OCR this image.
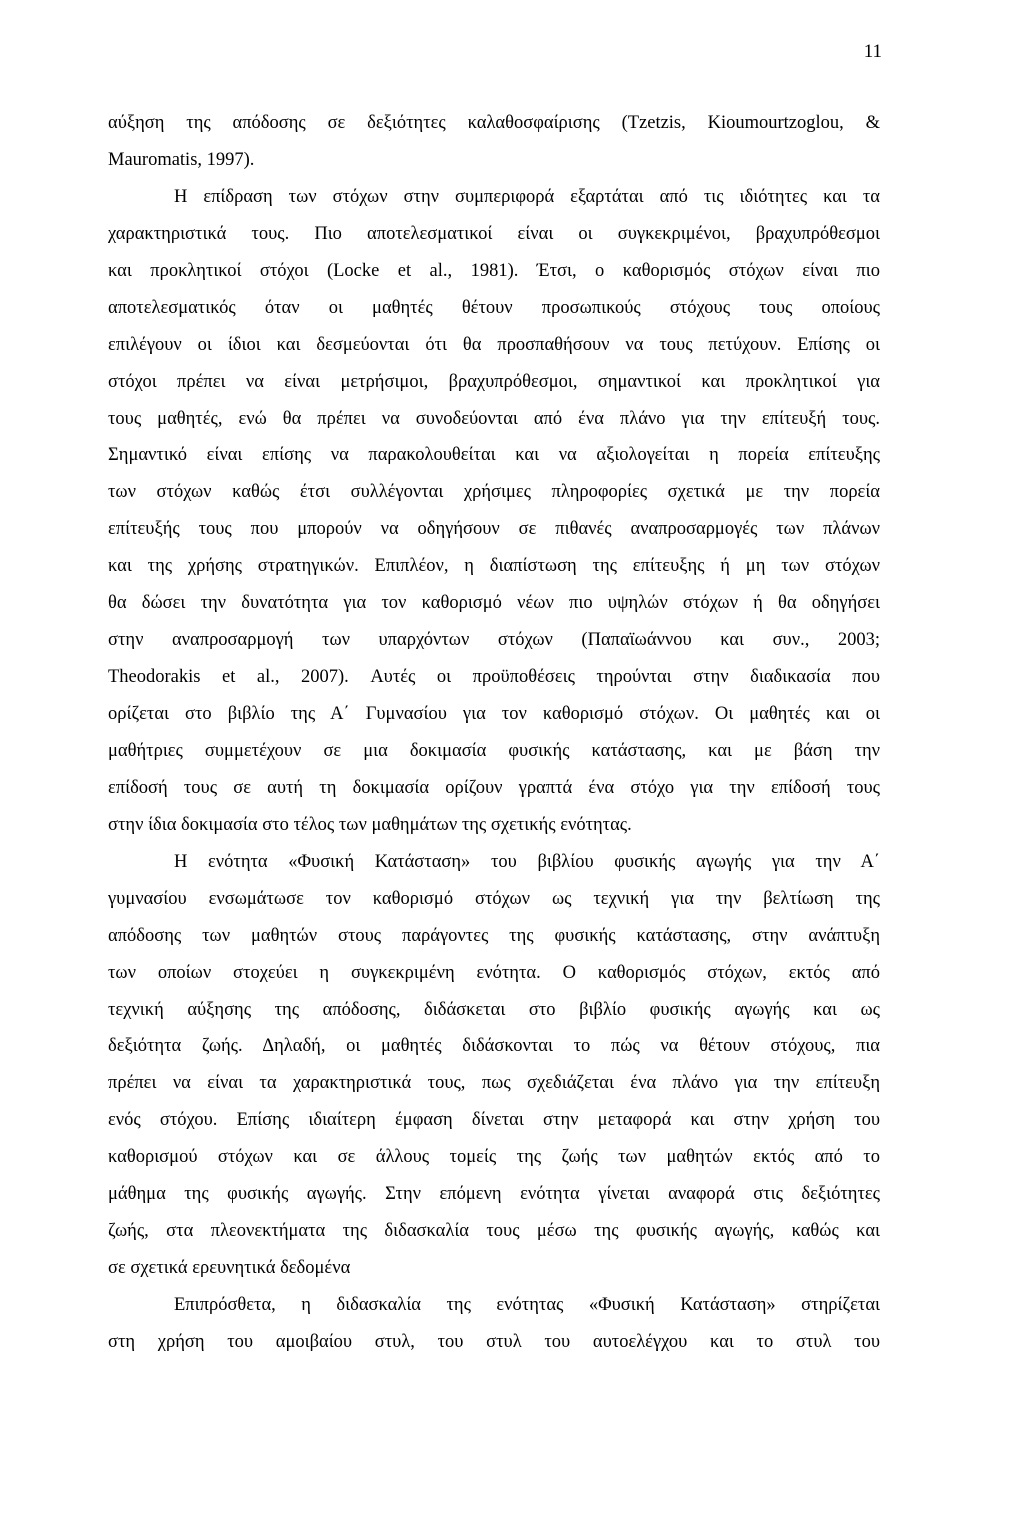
11
αύξηση της απόδοσης σε δεξιότητες καλαθοσφαίρισης (Tzetzis, Kioumourtzoglou, &
Mauromatis, 1997).
Η επίδραση των στόχων στην συμπεριφορά εξαρτάται από τις ιδιότητες και τα
χαρακτηριστικά τους. Πιο αποτελεσματικοί είναι οι συγκεκριμένοι, βραχυπρόθεσμοι
και προκλητικοί στόχοι (Locke et al., 1981). Έτσι, ο καθορισμός στόχων είναι πιο
αποτελεσματικός όταν οι μαθητές θέτουν προσωπικούς στόχους τους οποίους
επιλέγουν οι ίδιοι και δεσμεύονται ότι θα προσπαθήσουν να τους πετύχουν. Επίσης οι
στόχοι πρέπει να είναι μετρήσιμοι, βραχυπρόθεσμοι, σημαντικοί και προκλητικοί για
τους μαθητές, ενώ θα πρέπει να συνοδεύονται από ένα πλάνο για την επίτευξή τους.
Σημαντικό είναι επίσης να παρακολουθείται και να αξιολογείται η πορεία επίτευξης
των στόχων καθώς έτσι συλλέγονται χρήσιμες πληροφορίες σχετικά με την πορεία
επίτευξής τους που μπορούν να οδηγήσουν σε πιθανές αναπροσαρμογές των πλάνων
και της χρήσης στρατηγικών. Επιπλέον, η διαπίστωση της επίτευξης ή μη των στόχων
θα δώσει την δυνατότητα για τον καθορισμό νέων πιο υψηλών στόχων ή θα οδηγήσει
στην αναπροσαρμογή των υπαρχόντων στόχων (Παπαϊωάννου και συν., 2003;
Theodorakis et al., 2007). Αυτές οι προϋποθέσεις τηρούνται στην διαδικασία που
ορίζεται στο βιβλίο της Α΄ Γυμνασίου για τον καθορισμό στόχων. Οι μαθητές και οι
μαθήτριες συμμετέχουν σε μια δοκιμασία φυσικής κατάστασης, και με βάση την
επίδοσή τους σε αυτή τη δοκιμασία ορίζουν γραπτά ένα στόχο για την επίδοσή τους
στην ίδια δοκιμασία στο τέλος των μαθημάτων της σχετικής ενότητας.
Η ενότητα «Φυσική Κατάσταση» του βιβλίου φυσικής αγωγής για την Α΄
γυμνασίου ενσωμάτωσε τον καθορισμό στόχων ως τεχνική για την βελτίωση της
απόδοσης των μαθητών στους παράγοντες της φυσικής κατάστασης, στην ανάπτυξη
των οποίων στοχεύει η συγκεκριμένη ενότητα. Ο καθορισμός στόχων, εκτός από
τεχνική αύξησης της απόδοσης, διδάσκεται στο βιβλίο φυσικής αγωγής και ως
δεξιότητα ζωής. Δηλαδή, οι μαθητές διδάσκονται το πώς να θέτουν στόχους, πια
πρέπει να είναι τα χαρακτηριστικά τους, πως σχεδιάζεται ένα πλάνο για την επίτευξη
ενός στόχου. Επίσης ιδιαίτερη έμφαση δίνεται στην μεταφορά και στην χρήση του
καθορισμού στόχων και σε άλλους τομείς της ζωής των μαθητών εκτός από το
μάθημα της φυσικής αγωγής. Στην επόμενη ενότητα γίνεται αναφορά στις δεξιότητες
ζωής, στα πλεονεκτήματα της διδασκαλία τους μέσω της φυσικής αγωγής, καθώς και
σε σχετικά ερευνητικά δεδομένα
Επιπρόσθετα, η διδασκαλία της ενότητας «Φυσική Κατάσταση» στηρίζεται
στη χρήση του αμοιβαίου στυλ, του στυλ του αυτοελέγχου και το στυλ του
